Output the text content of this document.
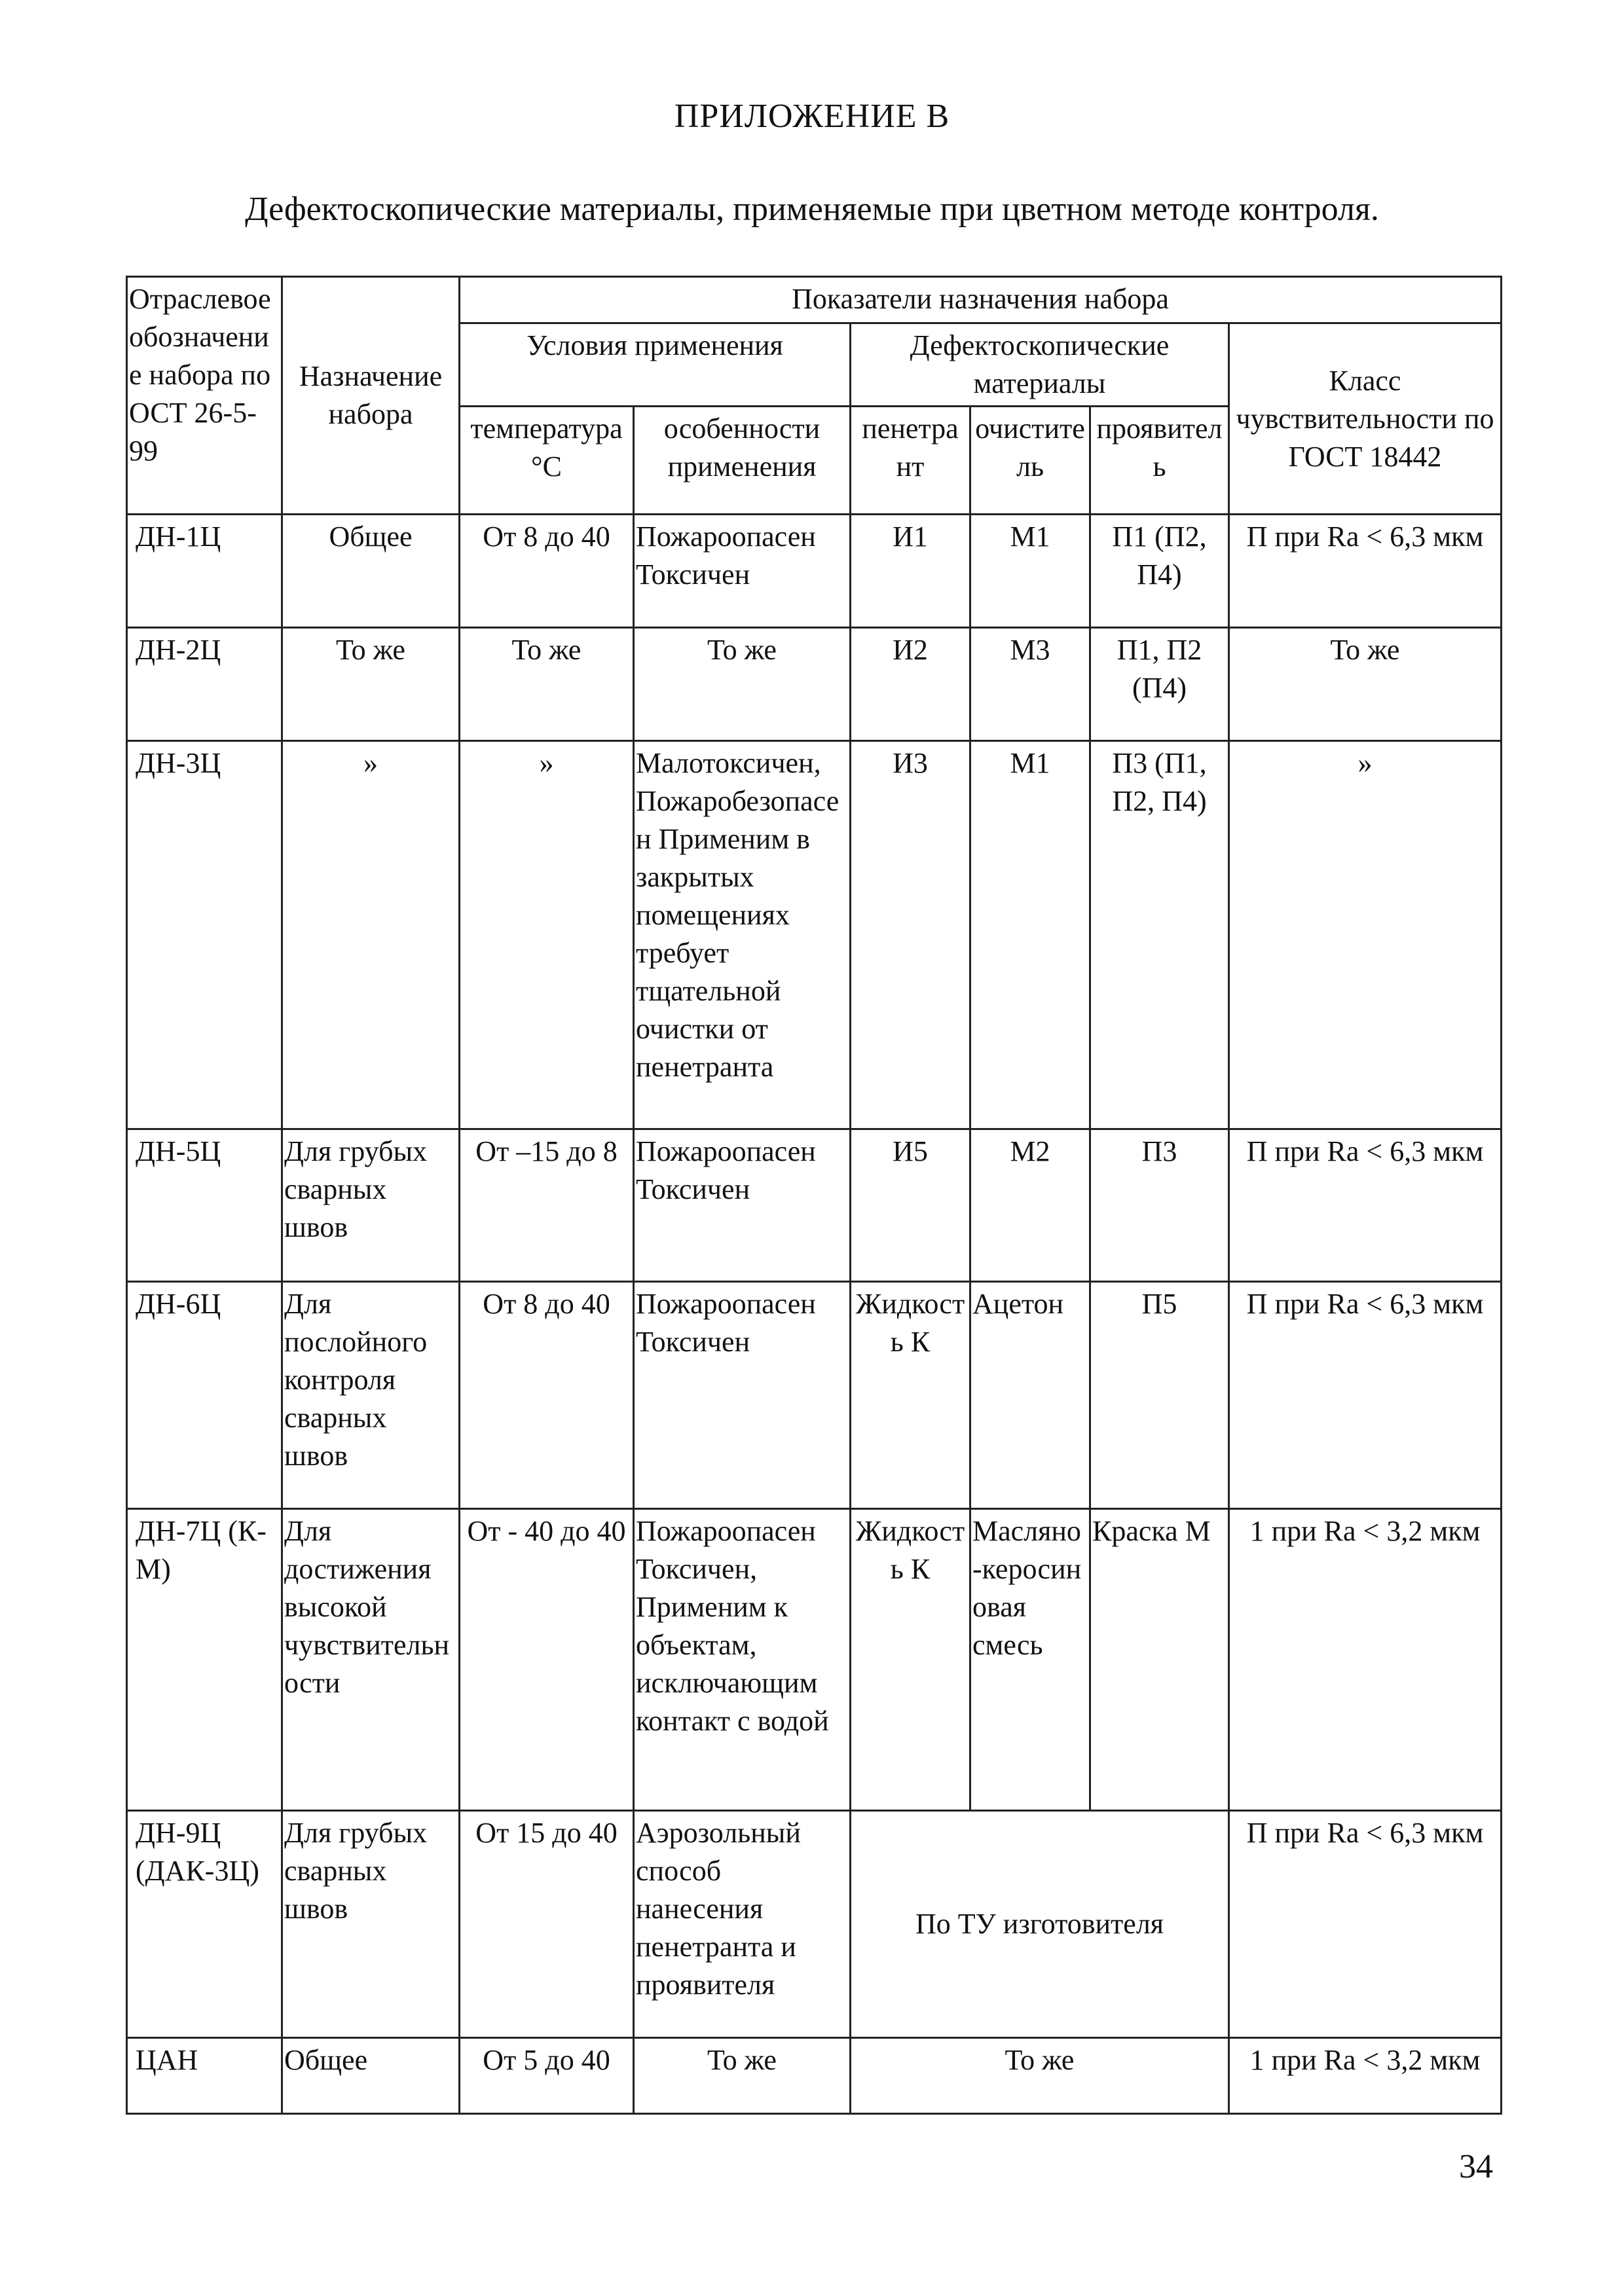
ПРИЛОЖЕНИЕ В
Дефектоскопические материалы, применяемые при цветном методе контроля.
Отраслевое обозначение набора по ОСТ 26-5-99	Назначение набора	Показатели назначения набора					
		Условия применения		Дефектоскопические материалы			Класс чувствительности по ГОСТ 18442
		температура °С	особенности применения	пенетрант	очиститель	проявитель	
ДН-1Ц	Общее	От 8 до 40	Пожароопасен Токсичен	И1	М1	П1 (П2, П4)	П при Ra < 6,3 мкм
ДН-2Ц	То же	То же	То же	И2	М3	П1, П2 (П4)	То же
ДН-3Ц	»	»	Малотоксичен, Пожаробезопасен Применим в закрытых помещениях требует тщательной очистки от пенетранта	И3	М1	П3 (П1, П2, П4)	»
ДН-5Ц	Для грубых сварных швов	От –15 до 8	Пожароопасен Токсичен	И5	М2	П3	П при Ra < 6,3 мкм
ДН-6Ц	Для послойного контроля сварных швов	От 8 до 40	Пожароопасен Токсичен	Жидкость К	Ацетон	П5	П при Ra < 6,3 мкм
ДН-7Ц (К-М)	Для достижения высокой чувствительности	От - 40 до 40	Пожароопасен Токсичен, Применим к объектам, исключающим контакт с водой	Жидкость К	Масляно-керосиновая смесь	Краска М	1 при Ra < 3,2 мкм
ДН-9Ц (ДАК-3Ц)	Для грубых сварных швов	От 15 до 40	Аэрозольный способ нанесения пенетранта и проявителя	По ТУ изготовителя			П при Ra < 6,3 мкм
ЦАН	Общее	От 5 до 40	То же	То же			1 при Ra < 3,2 мкм
34
